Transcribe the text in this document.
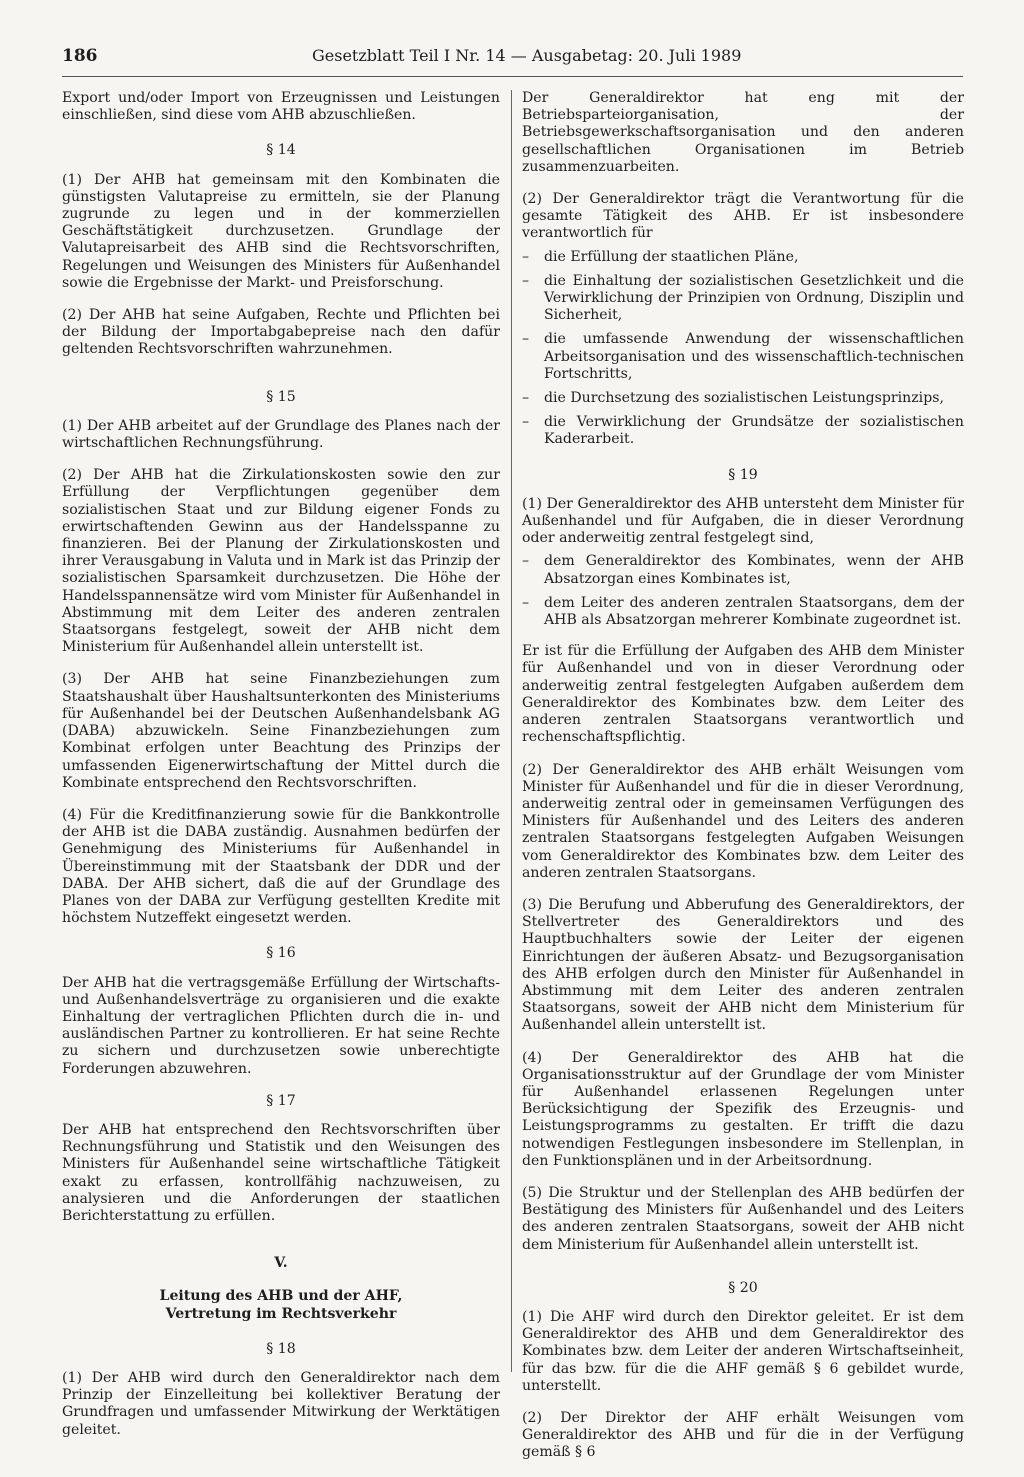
186	Gesetzblatt Teil I Nr. 14 — Ausgabetag: 20. Juli 1989

Export und/oder Import von Erzeugnissen und Leistungen einschließen, sind diese vom AHB abzuschließen.

§ 14

(1) Der AHB hat gemeinsam mit den Kombinaten die günstigsten Valutapreise zu ermitteln, sie der Planung zugrunde zu legen und in der kommerziellen Geschäftstätigkeit durchzusetzen. Grundlage der Valutapreisarbeit des AHB sind die Rechtsvorschriften, Regelungen und Weisungen des Ministers für Außenhandel sowie die Ergebnisse der Markt- und Preisforschung.

(2) Der AHB hat seine Aufgaben, Rechte und Pflichten bei der Bildung der Importabgabepreise nach den dafür geltenden Rechtsvorschriften wahrzunehmen.

§ 15

(1) Der AHB arbeitet auf der Grundlage des Planes nach der wirtschaftlichen Rechnungsführung.

(2) Der AHB hat die Zirkulationskosten sowie den zur Erfüllung der Verpflichtungen gegenüber dem sozialistischen Staat und zur Bildung eigener Fonds zu erwirtschaftenden Gewinn aus der Handelsspanne zu finanzieren. Bei der Planung der Zirkulationskosten und ihrer Verausgabung in Valuta und in Mark ist das Prinzip der sozialistischen Sparsamkeit durchzusetzen. Die Höhe der Handelsspannensätze wird vom Minister für Außenhandel in Abstimmung mit dem Leiter des anderen zentralen Staatsorgans festgelegt, soweit der AHB nicht dem Ministerium für Außenhandel allein unterstellt ist.

(3) Der AHB hat seine Finanzbeziehungen zum Staatshaushalt über Haushaltsunterkonten des Ministeriums für Außenhandel bei der Deutschen Außenhandelsbank AG (DABA) abzuwickeln. Seine Finanzbeziehungen zum Kombinat erfolgen unter Beachtung des Prinzips der umfassenden Eigenerwirtschaftung der Mittel durch die Kombinate entsprechend den Rechtsvorschriften.

(4) Für die Kreditfinanzierung sowie für die Bankkontrolle der AHB ist die DABA zuständig. Ausnahmen bedürfen der Genehmigung des Ministeriums für Außenhandel in Übereinstimmung mit der Staatsbank der DDR und der DABA. Der AHB sichert, daß die auf der Grundlage des Planes von der DABA zur Verfügung gestellten Kredite mit höchstem Nutzeffekt eingesetzt werden.

§ 16

Der AHB hat die vertragsgemäße Erfüllung der Wirtschafts- und Außenhandelsverträge zu organisieren und die exakte Einhaltung der vertraglichen Pflichten durch die in- und ausländischen Partner zu kontrollieren. Er hat seine Rechte zu sichern und durchzusetzen sowie unberechtigte Forderungen abzuwehren.

§ 17

Der AHB hat entsprechend den Rechtsvorschriften über Rechnungsführung und Statistik und den Weisungen des Ministers für Außenhandel seine wirtschaftliche Tätigkeit exakt zu erfassen, kontrollfähig nachzuweisen, zu analysieren und die Anforderungen der staatlichen Berichterstattung zu erfüllen.

V.
Leitung des AHB und der AHF,
Vertretung im Rechtsverkehr
§ 18

(1) Der AHB wird durch den Generaldirektor nach dem Prinzip der Einzelleitung bei kollektiver Beratung der Grundfragen und umfassender Mitwirkung der Werktätigen geleitet.

Der Generaldirektor hat eng mit der Betriebsparteiorganisation, der Betriebsgewerkschaftsorganisation und den anderen gesellschaftlichen Organisationen im Betrieb zusammenzuarbeiten.

(2) Der Generaldirektor trägt die Verantwortung für die gesamte Tätigkeit des AHB. Er ist insbesondere verantwortlich für

– die Erfüllung der staatlichen Pläne,
– die Einhaltung der sozialistischen Gesetzlichkeit und die Verwirklichung der Prinzipien von Ordnung, Disziplin und Sicherheit,
– die umfassende Anwendung der wissenschaftlichen Arbeitsorganisation und des wissenschaftlich-technischen Fortschritts,
– die Durchsetzung des sozialistischen Leistungsprinzips,
– die Verwirklichung der Grundsätze der sozialistischen Kaderarbeit.
§ 19

(1) Der Generaldirektor des AHB untersteht dem Minister für Außenhandel und für Aufgaben, die in dieser Verordnung oder anderweitig zentral festgelegt sind,

– dem Generaldirektor des Kombinates, wenn der AHB Absatzorgan eines Kombinates ist,
– dem Leiter des anderen zentralen Staatsorgans, dem der AHB als Absatzorgan mehrerer Kombinate zugeordnet ist.

Er ist für die Erfüllung der Aufgaben des AHB dem Minister für Außenhandel und von in dieser Verordnung oder anderweitig zentral festgelegten Aufgaben außerdem dem Generaldirektor des Kombinates bzw. dem Leiter des anderen zentralen Staatsorgans verantwortlich und rechenschaftspflichtig.

(2) Der Generaldirektor des AHB erhält Weisungen vom Minister für Außenhandel und für die in dieser Verordnung, anderweitig zentral oder in gemeinsamen Verfügungen des Ministers für Außenhandel und des Leiters des anderen zentralen Staatsorgans festgelegten Aufgaben Weisungen vom Generaldirektor des Kombinates bzw. dem Leiter des anderen zentralen Staatsorgans.

(3) Die Berufung und Abberufung des Generaldirektors, der Stellvertreter des Generaldirektors und des Hauptbuchhalters sowie der Leiter der eigenen Einrichtungen der äußeren Absatz- und Bezugsorganisation des AHB erfolgen durch den Minister für Außenhandel in Abstimmung mit dem Leiter des anderen zentralen Staatsorgans, soweit der AHB nicht dem Ministerium für Außenhandel allein unterstellt ist.

(4) Der Generaldirektor des AHB hat die Organisationsstruktur auf der Grundlage der vom Minister für Außenhandel erlassenen Regelungen unter Berücksichtigung der Spezifik des Erzeugnis- und Leistungsprogramms zu gestalten. Er trifft die dazu notwendigen Festlegungen insbesondere im Stellenplan, in den Funktionsplänen und in der Arbeitsordnung.

(5) Die Struktur und der Stellenplan des AHB bedürfen der Bestätigung des Ministers für Außenhandel und des Leiters des anderen zentralen Staatsorgans, soweit der AHB nicht dem Ministerium für Außenhandel allein unterstellt ist.

§ 20

(1) Die AHF wird durch den Direktor geleitet. Er ist dem Generaldirektor des AHB und dem Generaldirektor des Kombinates bzw. dem Leiter der anderen Wirtschaftseinheit, für das bzw. für die die AHF gemäß § 6 gebildet wurde, unterstellt.

(2) Der Direktor der AHF erhält Weisungen vom Generaldirektor des AHB und für die in der Verfügung gemäß § 6
